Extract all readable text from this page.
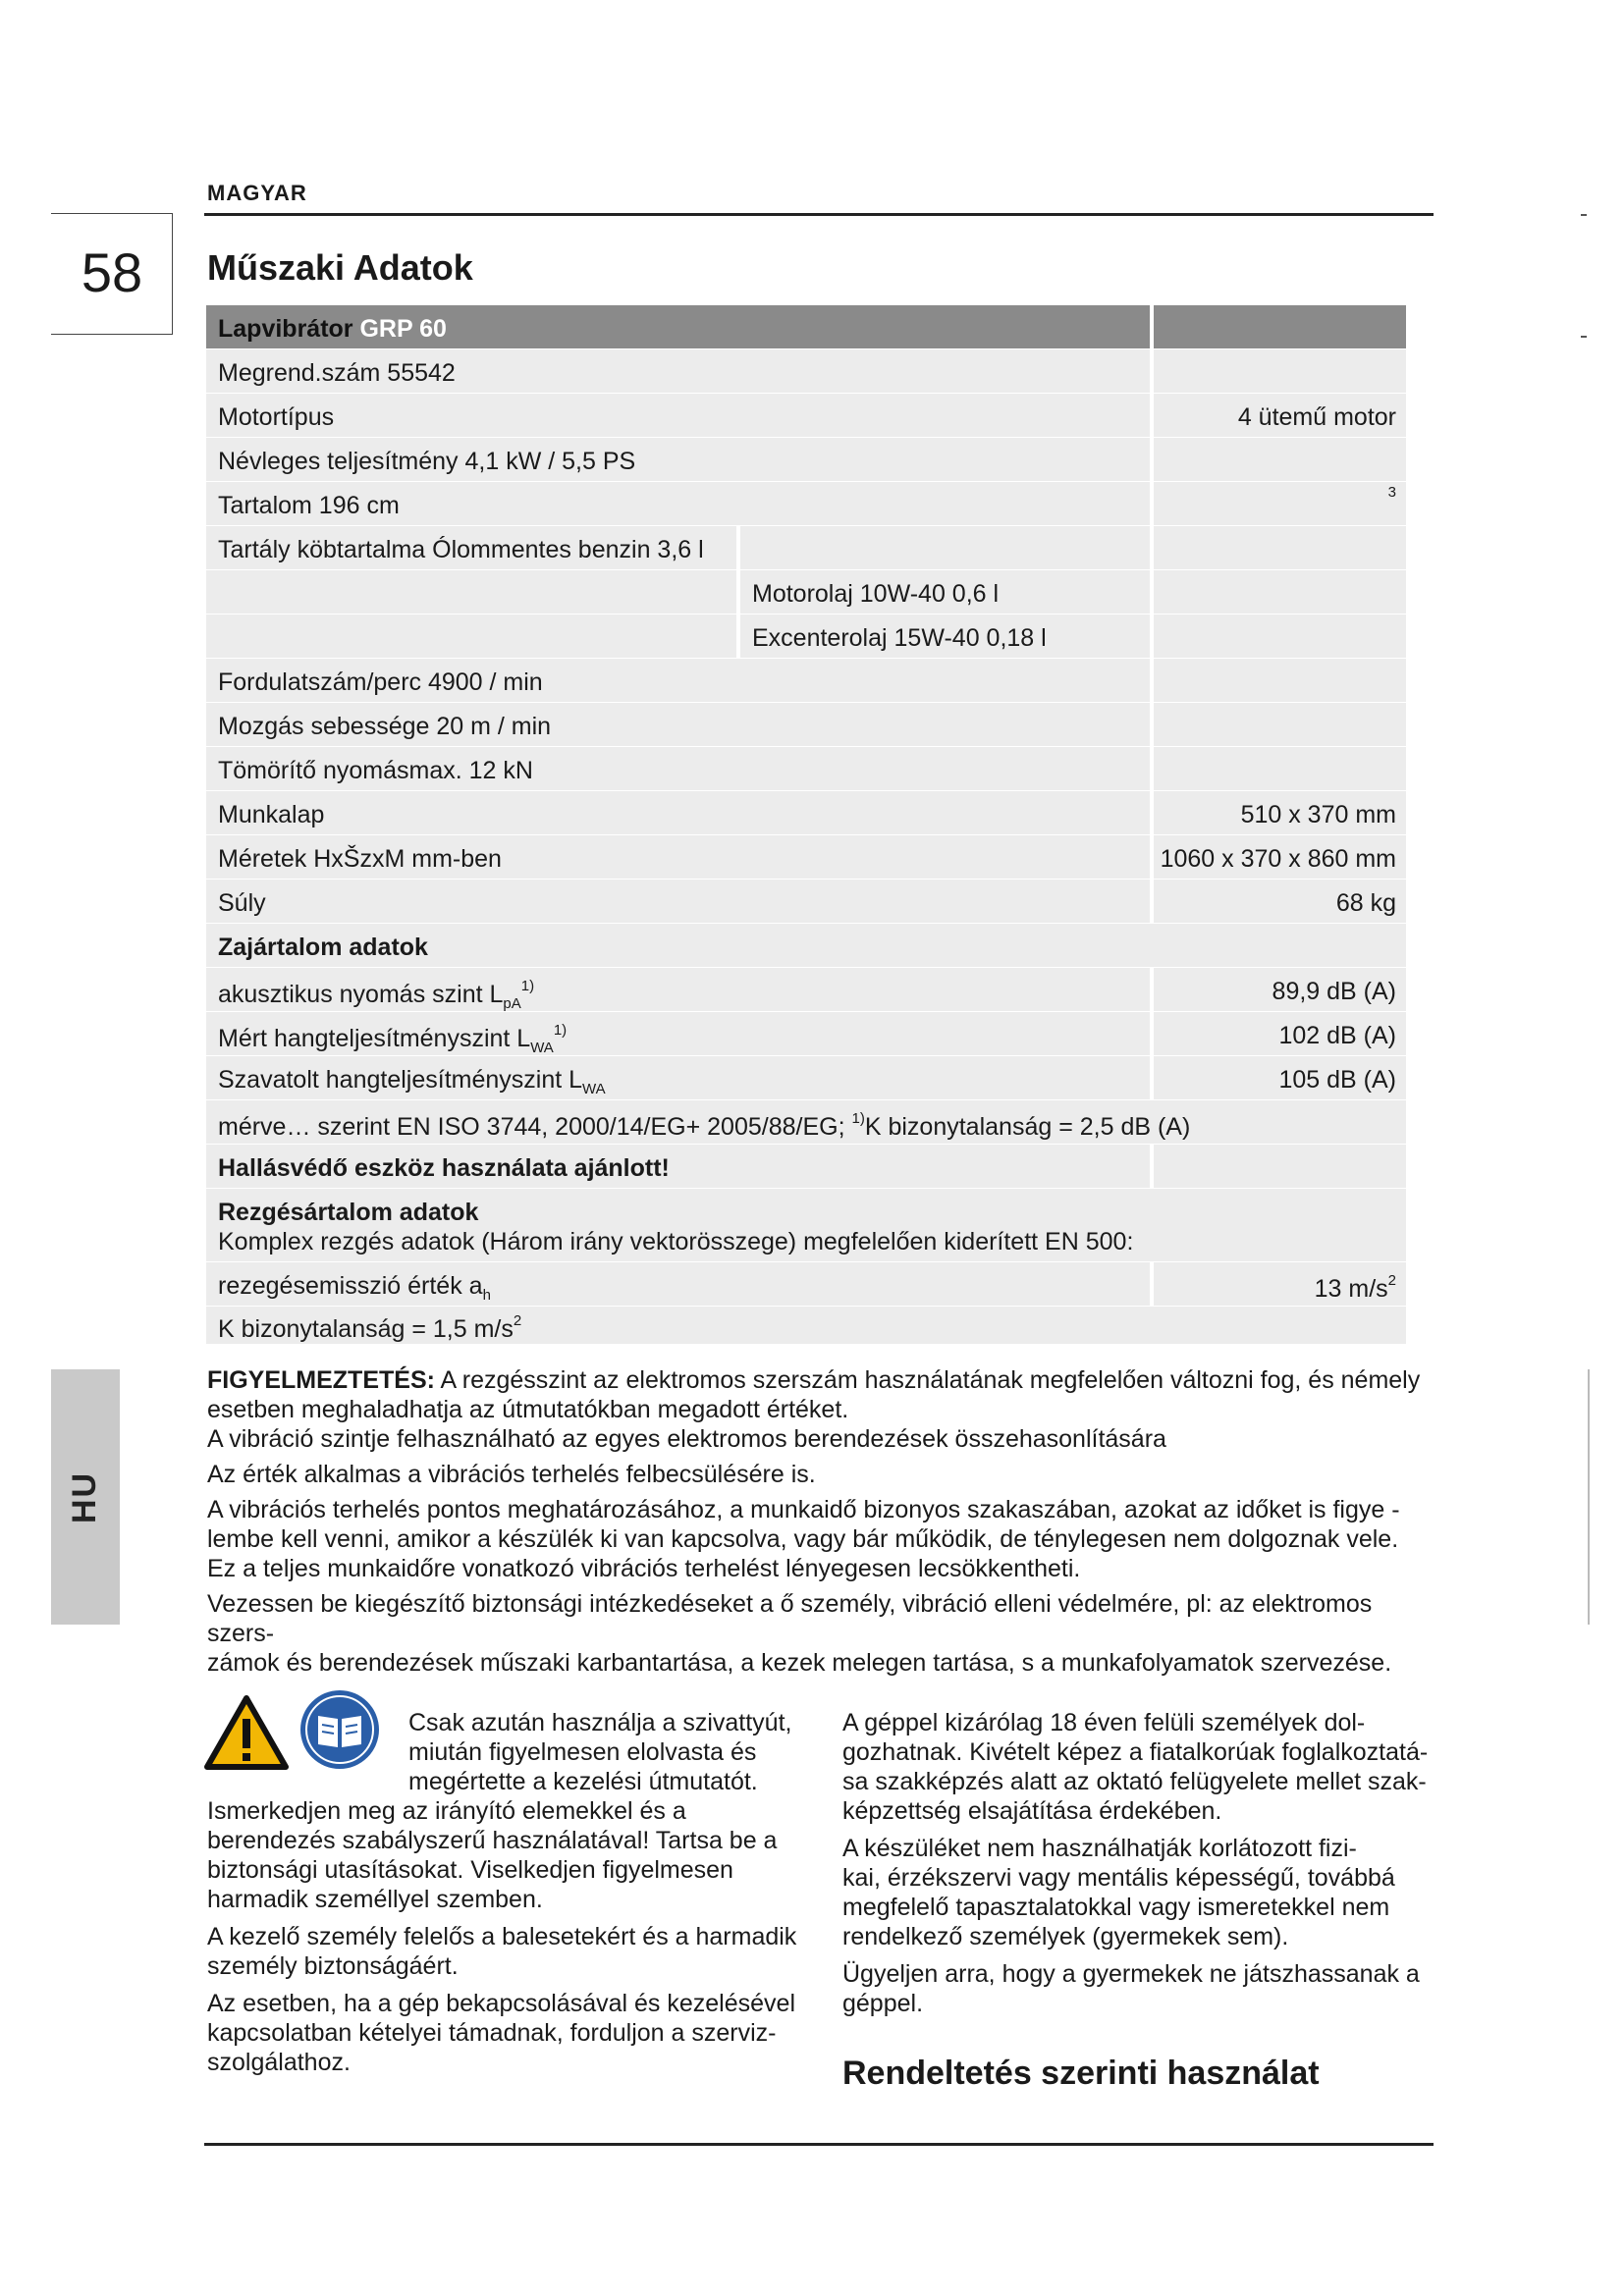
MAGYAR
58	Műszaki Adatok
Lapvibrátor GRP 60
Megrend.szám 55542
Motortípus	4 ütemű motor
Névleges teljesítmény 4,1 kW / 5,5 PS
Tartalom 196 cm	3
Tartály köbtartalma Ólommentes benzin 3,6 l
Motorolaj 10W-40 0,6 l
Excenterolaj 15W-40 0,18 l
Fordulatszám/perc 4900 / min
Mozgás sebessége 20 m / min
Tömörítő nyomásmax. 12 kN
Munkalap	510 x 370 mm
Méretek HxŠzxM mm-ben	1060 x 370 x 860 mm
Súly	68 kg
Zajártalom adatok
akusztikus nyomás szint $L_{pA}^{1)}$	89,9 dB (A)
Mért hangteljesítményszint $L_{WA}^{1)}$	102 dB (A)
Szavatolt hangteljesítményszint $L_{WA}$	105 dB (A)
mérve… szerint EN ISO 3744, 2000/14/EG+ 2005/88/EG; $^{1)}$K bizonytalanság = 2,5 dB (A)
Hallásvédő eszköz használata ajánlott!
Rezgésártalom adatok
Komplex rezgés adatok (Három irány vektorösszege) megfelelően kiderített EN 500:
rezegésemisszió érték $a_h$	13 $m/s^2$
K bizonytalanság = 1,5 $m/s^2$
HU

FIGYELMEZTETÉS: A rezgésszint az elektromos szerszám használatának megfelelően változni fog, és némely

esetben meghaladhatja az útmutatókban megadott értéket.

A vibráció szintje felhasználható az egyes elektromos berendezések összehasonlítására

Az érték alkalmas a vibrációs terhelés felbecsülésére is.

A vibrációs terhelés pontos meghatározásához, a munkaidő bizonyos szakaszában, azokat az időket is figye -

lembe kell venni, amikor a készülék ki van kapcsolva, vagy bár működik, de ténylegesen nem dolgoznak vele.

Ez a teljes munkaidőre vonatkozó vibrációs terhelést lényegesen lecsökkentheti.

Vezessen be kiegészítő biztonsági intézkedéseket a ő személy, vibráció elleni védelmére, pl: az elektromos szers-

zámok és berendezések műszaki karbantartása, a kezek melegen tartása, s a munkafolyamatok szervezése.

Csak azután használja a szivattyút,
miután figyelmesen elolvasta és
megértette a kezelési útmutatót.
Ismerkedjen meg az irányító elemekkel és a
berendezés szabályszerű használatával! Tartsa be a
biztonsági utasításokat. Viselkedjen figyelmesen
harmadik személlyel szemben.

A kezelő személy felelős a balesetekért és a harmadik
személy biztonságáért.

Az esetben, ha a gép bekapcsolásával és kezelésével
kapcsolatban kételyei támadnak, forduljon a szerviz-
szolgálathoz.

A géppel kizárólag 18 éven felüli személyek dol-
gozhatnak. Kivételt képez a fiatalkorúak foglalkoztatá-
sa szakképzés alatt az oktató felügyelete mellet szak-
képzettség elsajátítása érdekében.

A készüléket nem használhatják korlátozott fizi-
kai, érzékszervi vagy mentális képességű, továbbá
megfelelő tapasztalatokkal vagy ismeretekkel nem
rendelkező személyek (gyermekek sem).

Ügyeljen arra, hogy a gyermekek ne játszhassanak a
géppel.

Rendeltetés szerinti használat
